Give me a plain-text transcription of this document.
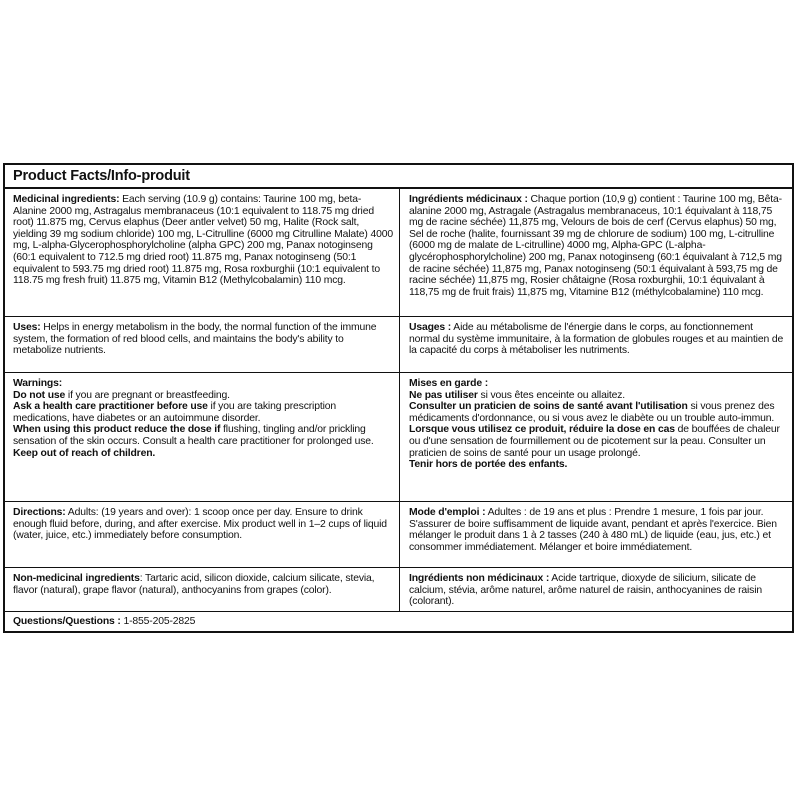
Product Facts/Info-produit

Medicinal ingredients: Each serving (10.9 g) contains: Taurine 100 mg, beta-Alanine 2000 mg, Astragalus membranaceus (10:1 equivalent to 118.75 mg dried root) 11.875 mg, Cervus elaphus (Deer antler velvet) 50 mg, Halite (Rock salt, yielding 39 mg sodium chloride) 100 mg, L-Citrulline (6000 mg Citrulline Malate) 4000 mg, L-alpha-Glycerophosphorylcholine (alpha GPC) 200 mg, Panax notoginseng (60:1 equivalent to 712.5 mg dried root) 11.875 mg, Panax notoginseng (50:1 equivalent to 593.75 mg dried root) 11.875 mg, Rosa roxburghii (10:1 equivalent to 118.75 mg fresh fruit) 11.875 mg, Vitamin B12 (Methylcobalamin) 110 mcg.

Ingrédients médicinaux : Chaque portion (10,9 g) contient : Taurine 100 mg, Bêta-alanine 2000 mg, Astragale (Astragalus membranaceus, 10:1 équivalant à 118,75 mg de racine séchée) 11,875 mg, Velours de bois de cerf (Cervus elaphus) 50 mg, Sel de roche (halite, fournissant 39 mg de chlorure de sodium) 100 mg, L-citrulline (6000 mg de malate de L-citrulline) 4000 mg, Alpha-GPC (L-alpha-glycérophosphorylcholine) 200 mg, Panax notoginseng (60:1 équivalant à 712,5 mg de racine séchée) 11,875 mg, Panax notoginseng (50:1 équivalant à 593,75 mg de racine séchée) 11,875 mg, Rosier châtaigne (Rosa roxburghii, 10:1 équivalant à 118,75 mg de fruit frais) 11,875 mg, Vitamine B12 (méthylcobalamine) 110 mcg.

Uses: Helps in energy metabolism in the body, the normal function of the immune system, the formation of red blood cells, and maintains the body's ability to metabolize nutrients.

Usages : Aide au métabolisme de l'énergie dans le corps, au fonctionnement normal du système immunitaire, à la formation de globules rouges et au maintien de la capacité du corps à métaboliser les nutriments.

Warnings:

Do not use if you are pregnant or breastfeeding.

Ask a health care practitioner before use if you are taking prescription medications, have diabetes or an autoimmune disorder.

When using this product reduce the dose if flushing, tingling and/or prickling sensation of the skin occurs. Consult a health care practitioner for prolonged use.

Keep out of reach of children.

Mises en garde :

Ne pas utiliser si vous êtes enceinte ou allaitez.

Consulter un praticien de soins de santé avant l'utilisation si vous prenez des médicaments d'ordonnance, ou si vous avez le diabète ou un trouble auto-immun.

Lorsque vous utilisez ce produit, réduire la dose en cas de bouffées de chaleur ou d'une sensation de fourmillement ou de picotement sur la peau. Consulter un praticien de soins de santé pour un usage prolongé.

Tenir hors de portée des enfants.

Directions: Adults: (19 years and over): 1 scoop once per day. Ensure to drink enough fluid before, during, and after exercise. Mix product well in 1–2 cups of liquid (water, juice, etc.) immediately before consumption.

Mode d'emploi : Adultes : de 19 ans et plus : Prendre 1 mesure, 1 fois par jour. S'assurer de boire suffisamment de liquide avant, pendant et après l'exercice. Bien mélanger le produit dans 1 à 2 tasses (240 à 480 mL) de liquide (eau, jus, etc.) et consommer immédiatement. Mélanger et boire immédiatement.

Non-medicinal ingredients: Tartaric acid, silicon dioxide, calcium silicate, stevia, flavor (natural), grape flavor (natural), anthocyanins from grapes (color).

Ingrédients non médicinaux : Acide tartrique, dioxyde de silicium, silicate de calcium, stévia, arôme naturel, arôme naturel de raisin, anthocyanines de raisin (colorant).

Questions/Questions : 1-855-205-2825
